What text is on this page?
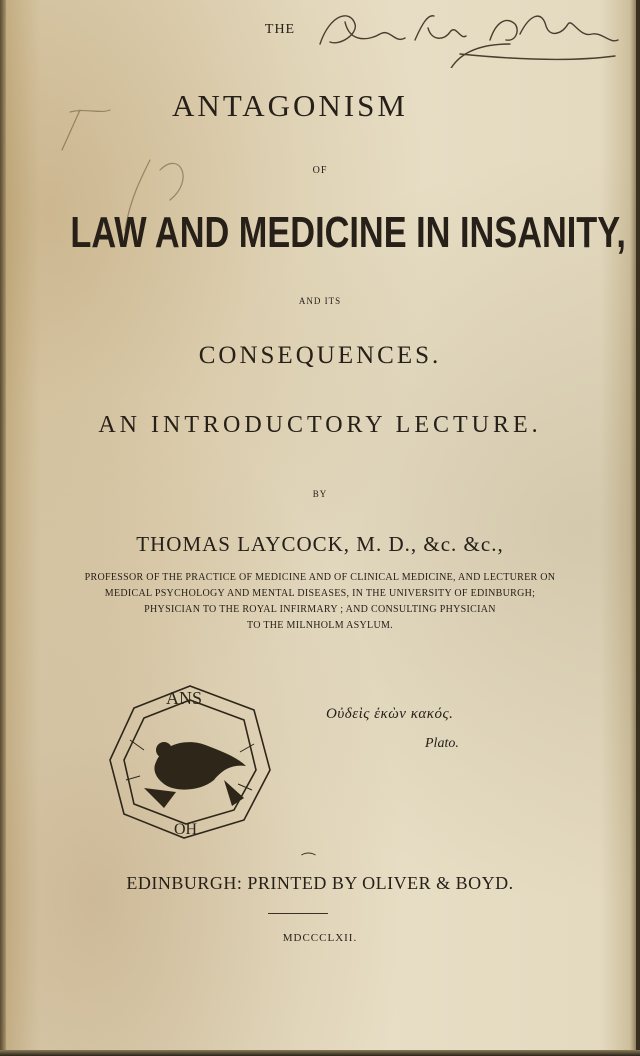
THE
ANTAGONISM
OF
LAW AND MEDICINE IN INSANITY,
AND ITS
CONSEQUENCES.
AN INTRODUCTORY LECTURE.
BY
THOMAS LAYCOCK, M. D., &c. &c.,
PROFESSOR OF THE PRACTICE OF MEDICINE AND OF CLINICAL MEDICINE, AND LECTURER ON
MEDICAL PSYCHOLOGY AND MENTAL DISEASES, IN THE UNIVERSITY OF EDINBURGH;
PHYSICIAN TO THE ROYAL INFIRMARY ; AND CONSULTING PHYSICIAN
TO THE MILNHOLM ASYLUM.
ANS
OH
Οὐδεὶς ἑκὼν κακός.
Plato.
⁀
EDINBURGH: PRINTED BY OLIVER & BOYD.
MDCCCLXII.
